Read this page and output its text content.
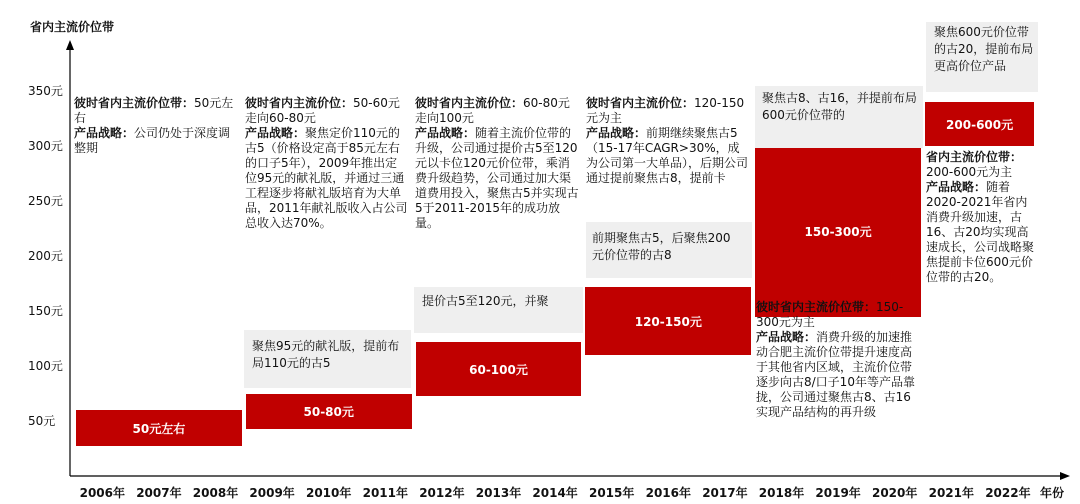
省内主流价位带
年份
50元
100元
150元
200元
250元
300元
350元
2006年 2007年 2008年 2009年 2010年 2011年 2012年 2013年 2014年 2015年 2016年 2017年 2018年 2019年 2020年 2021年 2022年
50元左右
50-80元
60-100元
120-150元
150-300元
200-600元
聚焦95元的献礼版，提前布局110元的古5
提价古5至120元，并聚
前期聚焦古5，后聚焦200元价位带的古8
聚焦古8、古16，并提前布局600元价位带的
聚焦600元价位带的古20，提前布局更高价位产品
彼时省内主流价位带：50元左右
产品战略：公司仍处于深度调整期
彼时省内主流价位：50-60元走向60-80元
产品战略：聚焦定价110元的古5（价格设定高于85元左右的口子5年），2009年推出定位95元的献礼版，并通过三通工程逐步将献礼版培育为大单品，2011年献礼版收入占公司总收入达70%。
彼时省内主流价位：60-80元走向100元
产品战略：随着主流价位带的升级，公司通过提价古5至120元以卡位120元价位带，乘消费升级趋势，公司通过加大渠道费用投入，聚焦古5并实现古5于2011-2015年的成功放量。
彼时省内主流价位：120-150元为主
产品战略：前期继续聚焦古5（15-17年CAGR>30%，成为公司第一大单品），后期公司通过提前聚焦古8，提前卡
彼时省内主流价位带：150-300元为主
产品战略：消费升级的加速推动合肥主流价位带提升速度高于其他省内区域，主流价位带逐步向古8/口子10年等产品靠拢，公司通过聚焦古8、古16实现产品结构的再升级
省内主流价位带：200-600元为主
产品战略：随着2020-2021年省内消费升级加速，古16、古20均实现高速成长，公司战略聚焦提前卡位600元价位带的古20。
